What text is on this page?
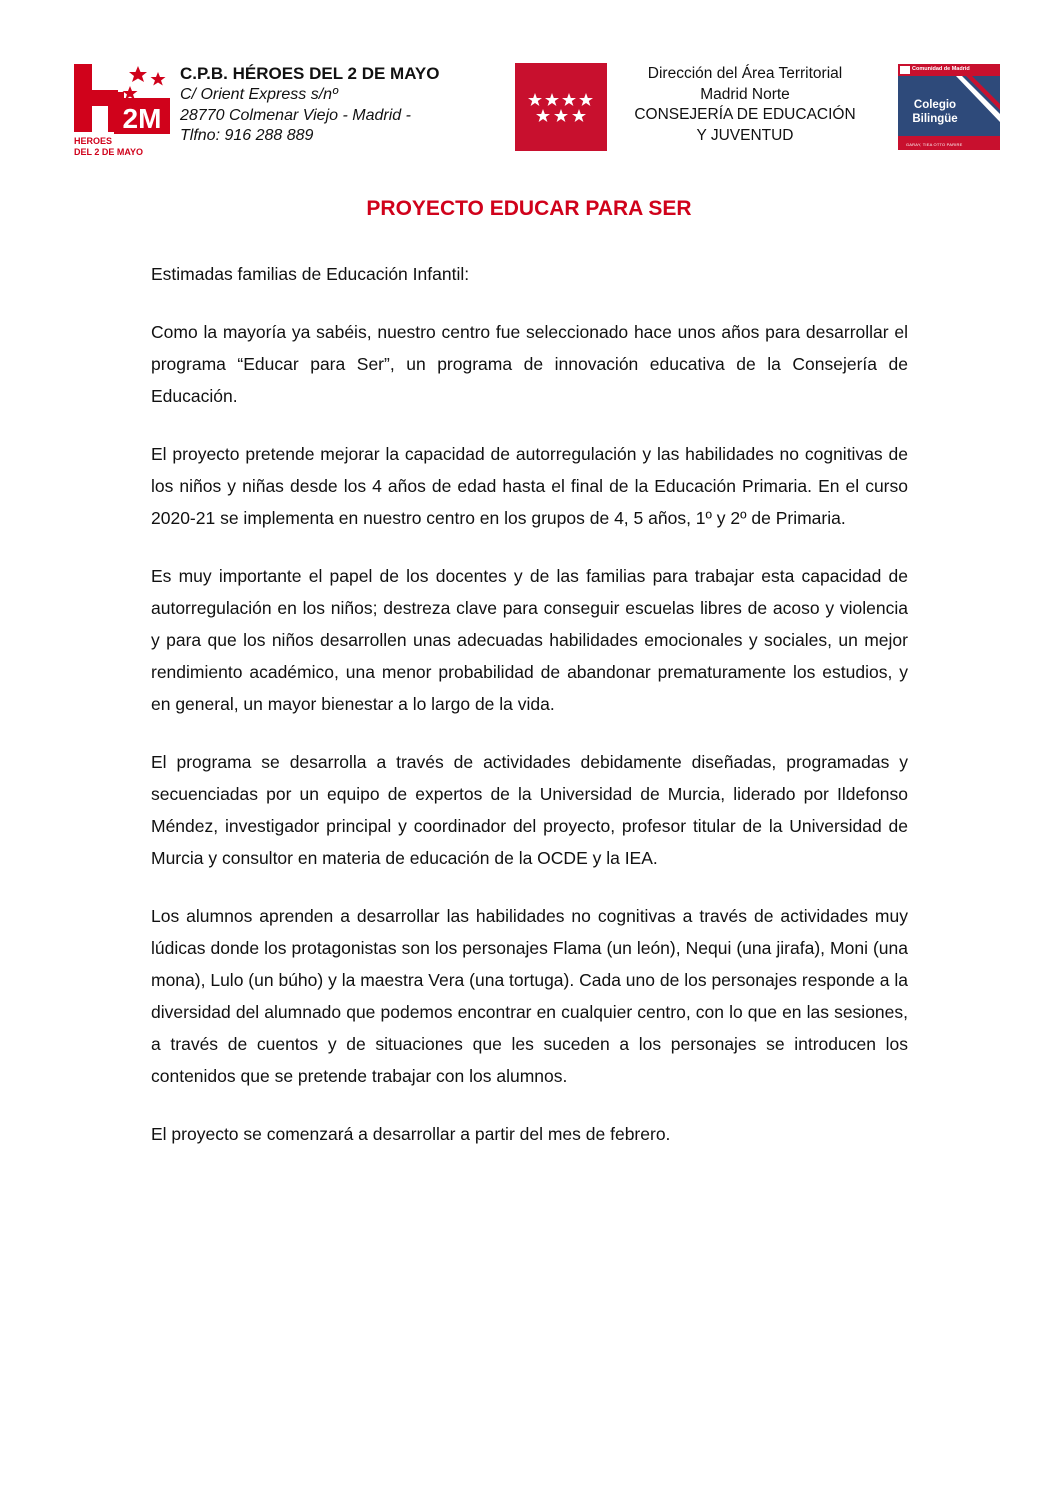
2M
HEROES
DEL 2 DE MAYO
C.P.B. HÉROES DEL 2 DE MAYO
C/ Orient Express s/nº
28770 Colmenar Viejo - Madrid -
Tlfno: 916 288 889
Dirección del Área Territorial
Madrid Norte
CONSEJERÍA DE EDUCACIÓN
Y JUVENTUD
Comunidad de Madrid
Colegio
Bilingüe
GARAY, TIEA OTTO PARIRE
PROYECTO EDUCAR PARA SER

Estimadas familias de Educación Infantil:

Como la mayoría ya sabéis, nuestro centro fue seleccionado hace unos años para desarrollar el programa “Educar para Ser”, un programa de innovación educativa de la Consejería de Educación.

El proyecto pretende mejorar la capacidad de autorregulación y las habilidades no cognitivas de los niños y niñas desde los 4 años de edad hasta el final de la Educación Primaria. En el curso 2020-21 se implementa en nuestro centro en los grupos de 4, 5 años, 1º y 2º de Primaria.

Es muy importante el papel de los docentes y de las familias para trabajar esta capacidad de autorregulación en los niños; destreza clave para conseguir escuelas libres de acoso y violencia y para que los niños desarrollen unas adecuadas habilidades emocionales y sociales, un mejor rendimiento académico, una menor probabilidad de abandonar prematuramente los estudios, y en general, un mayor bienestar a lo largo de la vida.

El programa se desarrolla a través de actividades debidamente diseñadas, programadas y secuenciadas por un equipo de expertos de la Universidad de Murcia, liderado por Ildefonso Méndez, investigador principal y coordinador del proyecto, profesor titular de la Universidad de Murcia y consultor en materia de educación de la OCDE y la IEA.

Los alumnos aprenden a desarrollar las habilidades no cognitivas a través de actividades muy lúdicas donde los protagonistas son los personajes Flama (un león), Nequi (una jirafa), Moni (una mona), Lulo (un búho) y la maestra Vera (una tortuga). Cada uno de los personajes responde a la diversidad del alumnado que podemos encontrar en cualquier centro, con lo que en las sesiones, a través de cuentos y de situaciones que les suceden a los personajes se introducen los contenidos que se pretende trabajar con los alumnos.

El proyecto se comenzará a desarrollar a partir del mes de febrero.
